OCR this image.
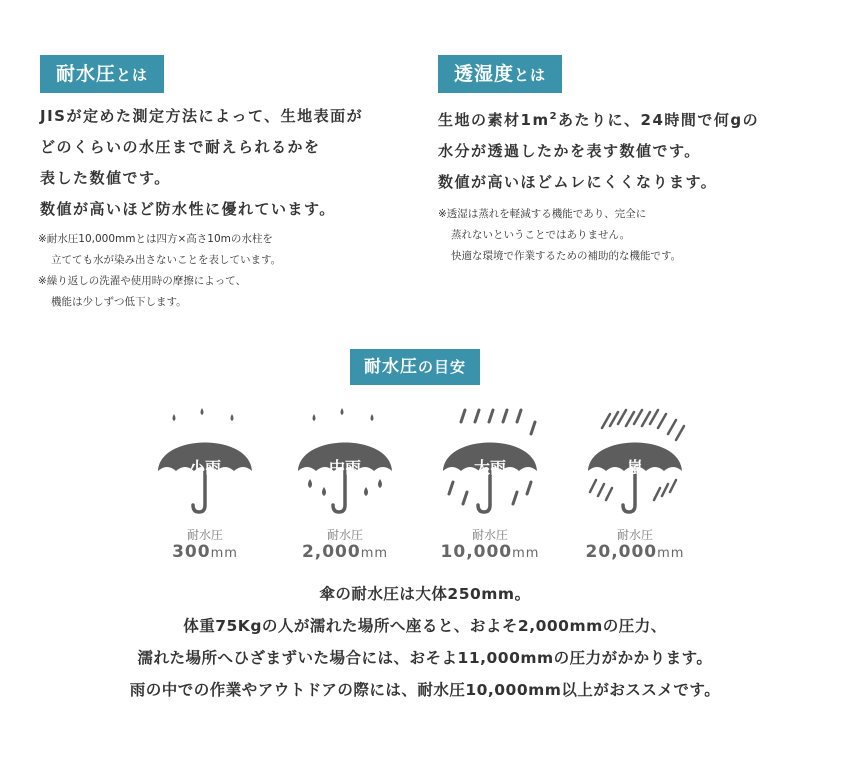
耐水圧とは
JISが定めた測定方法によって、生地表面が
どのくらいの水圧まで耐えられるかを
表した数値です。
数値が高いほど防水性に優れています。
※耐水圧10,000mmとは四方×高さ10mの水柱を
立てても水が染み出さないことを表しています。
※繰り返しの洗濯や使用時の摩擦によって、
機能は少しずつ低下します。
透湿度とは
生地の素材$1m^2$あたりに、24時間で何gの
水分が透過したかを表す数値です。
数値が高いほどムレにくくなります。
※透湿は蒸れを軽減する機能であり、完全に
蒸れないということではありません。
快適な環境で作業するための補助的な機能です。
耐水圧の目安
小雨
耐水圧
300mm
中雨
耐水圧
2,000mm
大雨
耐水圧
10,000mm
嵐
耐水圧
20,000mm
傘の耐水圧は大体250mm。
体重75Kgの人が濡れた場所へ座ると、およそ2,000mmの圧力、
濡れた場所へひざまずいた場合には、おそよ11,000mmの圧力がかかります。
雨の中での作業やアウトドアの際には、耐水圧10,000mm以上がおススメです。
